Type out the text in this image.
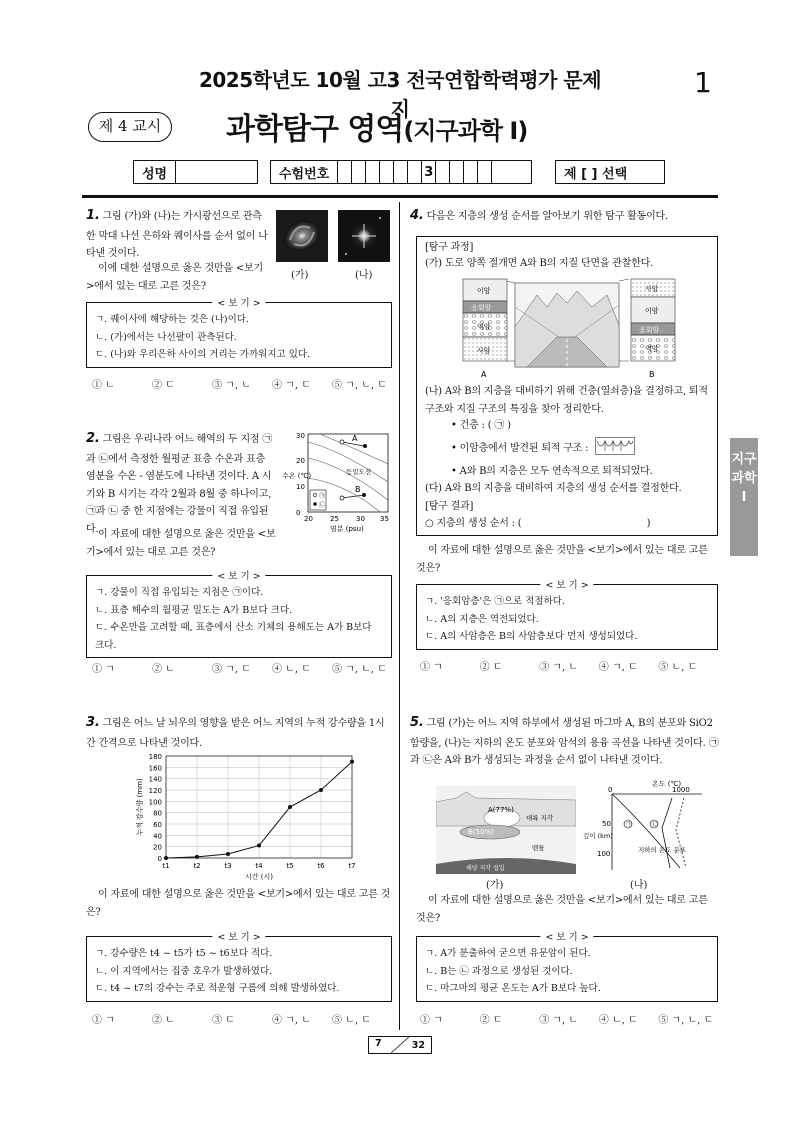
2025학년도 10월 고3 전국연합학력평가 문제지
1
제 4 교시	과학탐구 영역(지구과학 Ⅰ)
성명	수험번호	3	제 [ ] 선택
지구과학Ⅰ
1. 그림 (가)와 (나)는 가시광선으로 관측한 막대 나선 은하와 퀘이사를 순서 없이 나타낸 것이다.
이에 대한 설명으로 옳은 것만을 <보기>에서 있는 대로 고른 것은?
(가)	(나)
< 보 기 >
ㄱ. 퀘이사에 해당하는 것은 (나)이다.
ㄴ. (가)에서는 나선팔이 관측된다.
ㄷ. (나)와 우리은하 사이의 거리는 가까워지고 있다.
① ㄴ	② ㄷ	③ ㄱ, ㄴ	④ ㄱ, ㄷ	⑤ ㄱ, ㄴ, ㄷ
2. 그림은 우리나라 어느 해역의 두 지점 ㉠과 ㉡에서 측정한 월평균 표층 수온과 표층 염분을 수온 - 염분도에 나타낸 것이다. A 시기와 B 시기는 각각 2월과 8월 중 하나이고, ㉠과 ㉡ 중 한 지점에는 강물이 직접 유입된다. 이 자료에 대한 설명으로 옳은 것만을 <보기>에서 있는 대로 고른 것은?
A
B
등밀도선
㉠
㉡
0
10
20
30
20 25 30 35
염분 (psu)
수온 (℃)
< 보 기 >
ㄱ. 강물이 직접 유입되는 지점은 ㉠이다.
ㄴ. 표층 해수의 월평균 밀도는 A가 B보다 크다.
ㄷ. 수온만을 고려할 때, 표층에서 산소 기체의 용해도는 A가 B보다 크다.
① ㄱ	② ㄴ	③ ㄱ, ㄷ	④ ㄴ, ㄷ	⑤ ㄱ, ㄴ, ㄷ
3. 그림은 어느 날 뇌우의 영향을 받은 어느 지역의 누적 강수량을 1시간 간격으로 나타낸 것이다.
0
20
40
60
80
100
120
140
160
180
t1	t2	t3	t4	t5	t6	t7
시간 (시)
누적 강수량 (mm)
이 자료에 대한 설명으로 옳은 것만을 <보기>에서 있는 대로 고른 것은?
< 보 기 >
ㄱ. 강수량은 t4 ~ t5가 t5 ~ t6보다 적다.
ㄴ. 이 지역에서는 집중 호우가 발생하였다.
ㄷ. t4 ~ t7의 강수는 주로 적운형 구름에 의해 발생하였다.
① ㄱ	② ㄴ	③ ㄷ	④ ㄱ, ㄴ	⑤ ㄴ, ㄷ
4. 다음은 지층의 생성 순서를 알아보기 위한 탐구 활동이다.
[탐구 과정]
(가) 도로 양쪽 절개면 A와 B의 지질 단면을 관찰한다.
이암
응회암
역암
사암
사암
이암
응회암
역암
A	B
(나) A와 B의 지층을 대비하기 위해 건층(열쇠층)을 결정하고, 퇴적 구조와 지질 구조의 특징을 찾아 정리한다.
• 건층 : ( ㉠ )
• 이암층에서 발견된 퇴적 구조 :
• A와 B의 지층은 모두 연속적으로 퇴적되었다.
(다) A와 B의 지층을 대비하여 지층의 생성 순서를 결정한다.
[탐구 결과]
○ 지층의 생성 순서 : (                                          )
이 자료에 대한 설명으로 옳은 것만을 <보기>에서 있는 대로 고른 것은?
< 보 기 >
ㄱ. '응회암층'은 ㉠으로 적절하다.
ㄴ. A의 지층은 역전되었다.
ㄷ. A의 사암층은 B의 사암층보다 먼저 생성되었다.
① ㄱ	② ㄷ	③ ㄱ, ㄴ	④ ㄱ, ㄷ	⑤ ㄴ, ㄷ
5. 그림 (가)는 어느 지역 하부에서 생성된 마그마 A, B의 분포와 SiO2 함량을, (나)는 지하의 온도 분포와 암석의 용융 곡선을 나타낸 것이다. ㉠과 ㉡은 A와 B가 생성되는 과정을 순서 없이 나타낸 것이다.
A(77%)
B(50%)
대륙 지각
맨틀
해양 지각 섭입
온도 (℃)
0	1000
50
100
깊이 (km)
㉠	㉡
지하의 온도 분포
(가)	(나)
이 자료에 대한 설명으로 옳은 것만을 <보기>에서 있는 대로 고른 것은?
< 보 기 >
ㄱ. A가 분출하여 굳으면 유문암이 된다.
ㄴ. B는 ㉡ 과정으로 생성된 것이다.
ㄷ. 마그마의 평균 온도는 A가 B보다 높다.
① ㄱ	② ㄷ	③ ㄱ, ㄴ	④ ㄴ, ㄷ	⑤ ㄱ, ㄴ, ㄷ
7	32
